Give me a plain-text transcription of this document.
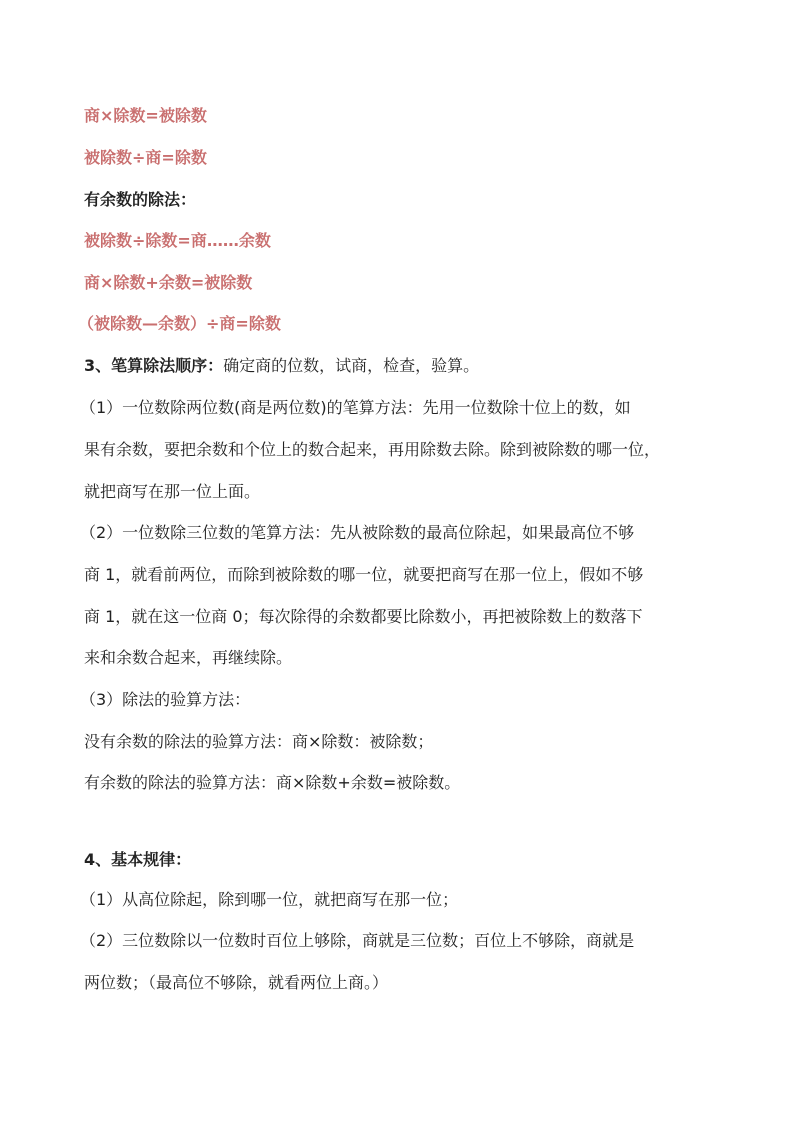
商×除数=被除数
被除数÷商=除数
有余数的除法：
被除数÷除数=商……余数
商×除数+余数=被除数
（被除数—余数）÷商=除数
3、笔算除法顺序：确定商的位数，试商，检查，验算。
（1）一位数除两位数(商是两位数)的笔算方法：先用一位数除十位上的数，如
果有余数，要把余数和个位上的数合起来，再用除数去除。除到被除数的哪一位，
就把商写在那一位上面。
（2）一位数除三位数的笔算方法：先从被除数的最高位除起，如果最高位不够
商 1，就看前两位，而除到被除数的哪一位，就要把商写在那一位上，假如不够
商 1，就在这一位商 0；每次除得的余数都要比除数小，再把被除数上的数落下
来和余数合起来，再继续除。
（3）除法的验算方法：
没有余数的除法的验算方法：商×除数：被除数；
有余数的除法的验算方法：商×除数+余数=被除数。
4、基本规律：
（1）从高位除起，除到哪一位，就把商写在那一位；
（2）三位数除以一位数时百位上够除，商就是三位数；百位上不够除，商就是
两位数；（最高位不够除，就看两位上商。）
